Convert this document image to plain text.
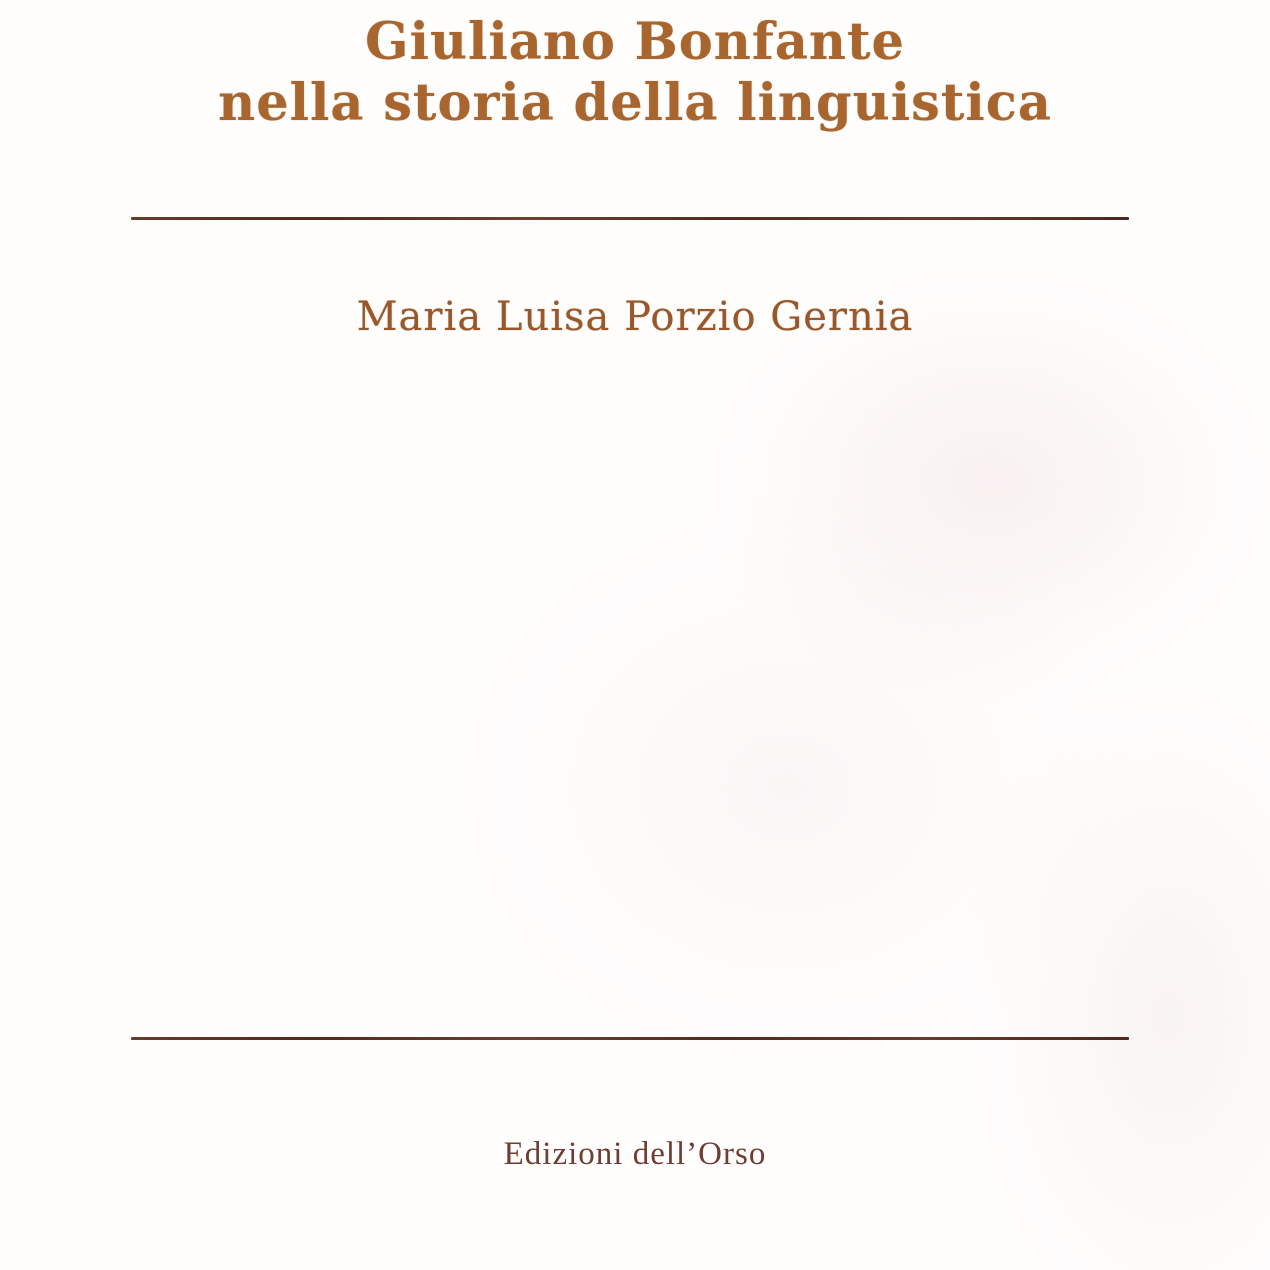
Giuliano Bonfante
nella storia della linguistica
Maria Luisa Porzio Gernia
Edizioni dell’Orso
